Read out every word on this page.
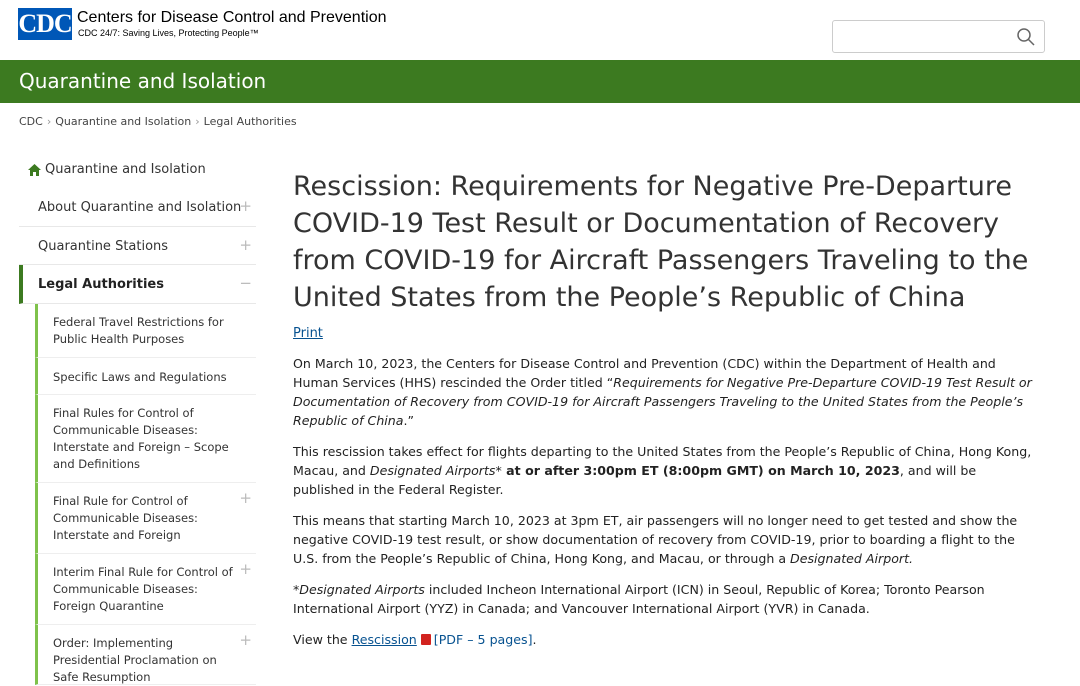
CDC Centers for Disease Control and Prevention
CDC 24/7: Saving Lives, Protecting People™
Quarantine and Isolation
CDC › Quarantine and Isolation › Legal Authorities
Quarantine and Isolation
About Quarantine and Isolation
+
Quarantine Stations	+
Legal Authorities	−
Federal Travel Restrictions for Public Health Purposes
Specific Laws and Regulations
Final Rules for Control of Communicable Diseases: Interstate and Foreign – Scope and Definitions
Final Rule for Control of Communicable Diseases: Interstate and Foreign
+
Interim Final Rule for Control of Communicable Diseases: Foreign Quarantine
+
Order: Implementing Presidential Proclamation on Safe Resumption
+
Rescission: Requirements for Negative Pre-Departure COVID-19 Test Result or Documentation of Recovery from COVID-19 for Aircraft Passengers Traveling to the United States from the People’s Republic of China
Print

On March 10, 2023, the Centers for Disease Control and Prevention (CDC) within the Department of Health and Human Services (HHS) rescinded the Order titled “Requirements for Negative Pre-Departure COVID-19 Test Result or Documentation of Recovery from COVID-19 for Aircraft Passengers Traveling to the United States from the People’s Republic of China.”

This rescission takes effect for flights departing to the United States from the People’s Republic of China, Hong Kong, Macau, and Designated Airports* at or after 3:00pm ET (8:00pm GMT) on March 10, 2023, and will be published in the Federal Register.

This means that starting March 10, 2023 at 3pm ET, air passengers will no longer need to get tested and show the negative COVID-19 test result, or show documentation of recovery from COVID-19, prior to boarding a flight to the U.S. from the People’s Republic of China, Hong Kong, and Macau, or through a Designated Airport.

*Designated Airports included Incheon International Airport (ICN) in Seoul, Republic of Korea; Toronto Pearson International Airport (YYZ) in Canada; and Vancouver International Airport (YVR) in Canada.

View the Rescission [PDF – 5 pages].
